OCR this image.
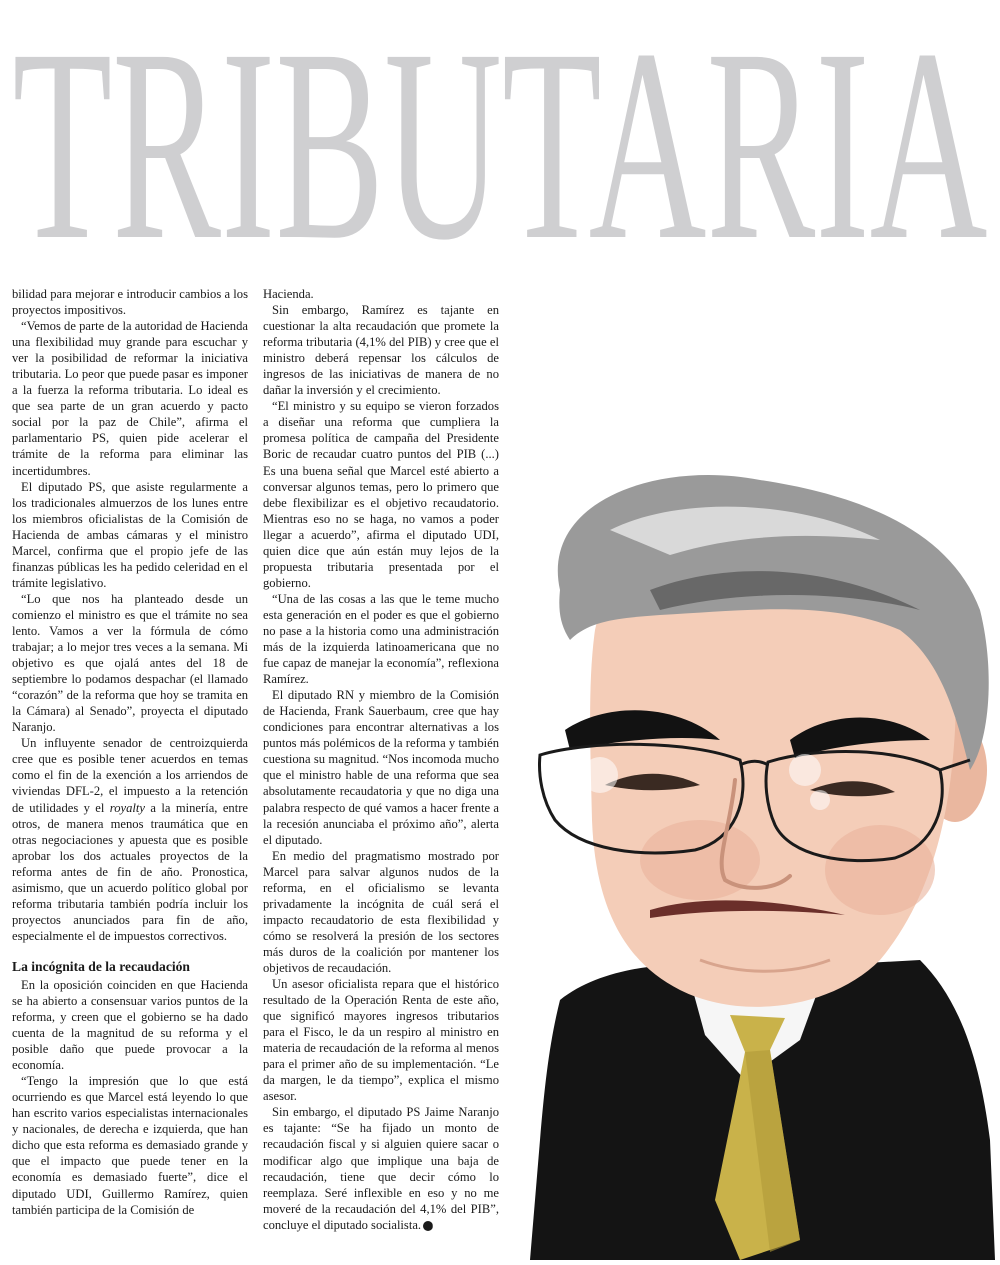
TRIBUTARIA

bilidad para mejorar e introducir cambios a los proyectos impositivos.

“Vemos de parte de la autoridad de Hacienda una flexibilidad muy grande para escuchar y ver la posibilidad de reformar la iniciativa tributaria. Lo peor que puede pasar es imponer a la fuerza la reforma tributaria. Lo ideal es que sea parte de un gran acuerdo y pacto social por la paz de Chile”, afirma el parlamentario PS, quien pide acelerar el trámite de la reforma para eliminar las incertidumbres.

El diputado PS, que asiste regularmente a los tradicionales almuerzos de los lunes entre los miembros oficialistas de la Comisión de Hacienda de ambas cámaras y el ministro Marcel, confirma que el propio jefe de las finanzas públicas les ha pedido celeridad en el trámite legislativo.

“Lo que nos ha planteado desde un comienzo el ministro es que el trámite no sea lento. Vamos a ver la fórmula de cómo trabajar; a lo mejor tres veces a la semana. Mi objetivo es que ojalá antes del 18 de septiembre lo podamos despachar (el llamado “corazón” de la reforma que hoy se tramita en la Cámara) al Senado”, proyecta el diputado Naranjo.

Un influyente senador de centroizquierda cree que es posible tener acuerdos en temas como el fin de la exención a los arriendos de viviendas DFL-2, el impuesto a la retención de utilidades y el royalty a la minería, entre otros, de manera menos traumática que en otras negociaciones y apuesta que es posible aprobar los dos actuales proyectos de la reforma antes de fin de año. Pronostica, asimismo, que un acuerdo político global por reforma tributaria también podría incluir los proyectos anunciados para fin de año, especialmente el de impuestos correctivos.

La incógnita de la recaudación

En la oposición coinciden en que Hacienda se ha abierto a consensuar varios puntos de la reforma, y creen que el gobierno se ha dado cuenta de la magnitud de su reforma y el posible daño que puede provocar a la economía.

“Tengo la impresión que lo que está ocurriendo es que Marcel está leyendo lo que han escrito varios especialistas internacionales y nacionales, de derecha e izquierda, que han dicho que esta reforma es demasiado grande y que el impacto que puede tener en la economía es demasiado fuerte”, dice el diputado UDI, Guillermo Ramírez, quien también participa de la Comisión de

Hacienda.

Sin embargo, Ramírez es tajante en cuestionar la alta recaudación que promete la reforma tributaria (4,1% del PIB) y cree que el ministro deberá repensar los cálculos de ingresos de las iniciativas de manera de no dañar la inversión y el crecimiento.

“El ministro y su equipo se vieron forzados a diseñar una reforma que cumpliera la promesa política de campaña del Presidente Boric de recaudar cuatro puntos del PIB (...) Es una buena señal que Marcel esté abierto a conversar algunos temas, pero lo primero que debe flexibilizar es el objetivo recaudatorio. Mientras eso no se haga, no vamos a poder llegar a acuerdo”, afirma el diputado UDI, quien dice que aún están muy lejos de la propuesta tributaria presentada por el gobierno.

“Una de las cosas a las que le teme mucho esta generación en el poder es que el gobierno no pase a la historia como una administración más de la izquierda latinoamericana que no fue capaz de manejar la economía”, reflexiona Ramírez.

El diputado RN y miembro de la Comisión de Hacienda, Frank Sauerbaum, cree que hay condiciones para encontrar alternativas a los puntos más polémicos de la reforma y también cuestiona su magnitud. “Nos incomoda mucho que el ministro hable de una reforma que sea absolutamente recaudatoria y que no diga una palabra respecto de qué vamos a hacer frente a la recesión anunciaba el próximo año”, alerta el diputado.

En medio del pragmatismo mostrado por Marcel para salvar algunos nudos de la reforma, en el oficialismo se levanta privadamente la incógnita de cuál será el impacto recaudatorio de esta flexibilidad y cómo se resolverá la presión de los sectores más duros de la coalición por mantener los objetivos de recaudación.

Un asesor oficialista repara que el histórico resultado de la Operación Renta de este año, que significó mayores ingresos tributarios para el Fisco, le da un respiro al ministro en materia de recaudación de la reforma al menos para el primer año de su implementación. “Le da margen, le da tiempo”, explica el mismo asesor.

Sin embargo, el diputado PS Jaime Naranjo es tajante: “Se ha fijado un monto de recaudación fiscal y si alguien quiere sacar o modificar algo que implique una baja de recaudación, tiene que decir cómo lo reemplaza. Seré inflexible en eso y no me moveré de la recaudación del 4,1% del PIB”, concluye el diputado socialista. P
